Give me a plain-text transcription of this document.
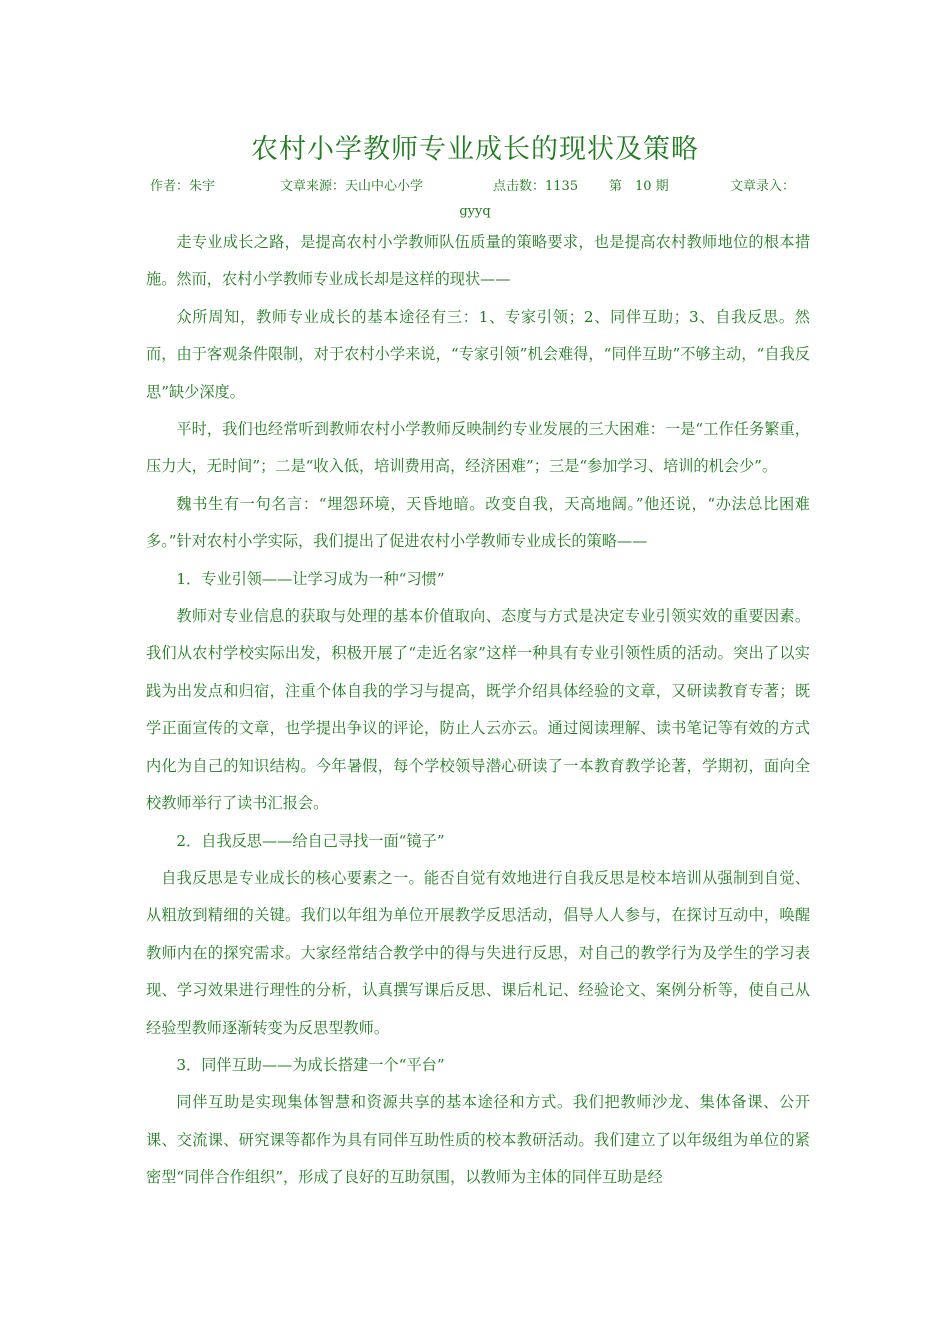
农村小学教师专业成长的现状及策略
作者：朱宇	文章来源：天山中心小学	点击数：1135 第　10 期	文章录入：
gyyq

走专业成长之路，是提高农村小学教师队伍质量的策略要求，也是提高农村教师地位的根本措施。然而，农村小学教师专业成长却是这样的现状——

众所周知，教师专业成长的基本途径有三：1、专家引领；2、同伴互助；3、自我反思。然而，由于客观条件限制，对于农村小学来说，“专家引领”机会难得，“同伴互助”不够主动，“自我反思”缺少深度。

平时，我们也经常听到教师农村小学教师反映制约专业发展的三大困难：一是“工作任务繁重，压力大，无时间”；二是“收入低，培训费用高，经济困难”；三是“参加学习、培训的机会少”。

魏书生有一句名言：“埋怨环境，天昏地暗。改变自我，天高地阔。”他还说，“办法总比困难多。”针对农村小学实际，我们提出了促进农村小学教师专业成长的策略——

1．专业引领——让学习成为一种“习惯”

教师对专业信息的获取与处理的基本价值取向、态度与方式是决定专业引领实效的重要因素。我们从农村学校实际出发，积极开展了“走近名家”这样一种具有专业引领性质的活动。突出了以实践为出发点和归宿，注重个体自我的学习与提高，既学介绍具体经验的文章，又研读教育专著；既学正面宣传的文章，也学提出争议的评论，防止人云亦云。通过阅读理解、读书笔记等有效的方式内化为自己的知识结构。今年暑假，每个学校领导潜心研读了一本教育教学论著，学期初，面向全校教师举行了读书汇报会。

2．自我反思——给自己寻找一面“镜子”

自我反思是专业成长的核心要素之一。能否自觉有效地进行自我反思是校本培训从强制到自觉、从粗放到精细的关键。我们以年组为单位开展教学反思活动，倡导人人参与，在探讨互动中，唤醒教师内在的探究需求。大家经常结合教学中的得与失进行反思，对自己的教学行为及学生的学习表现、学习效果进行理性的分析，认真撰写课后反思、课后札记、经验论文、案例分析等，使自己从经验型教师逐渐转变为反思型教师。

3．同伴互助——为成长搭建一个“平台”

同伴互助是实现集体智慧和资源共享的基本途径和方式。我们把教师沙龙、集体备课、公开课、交流课、研究课等都作为具有同伴互助性质的校本教研活动。我们建立了以年级组为单位的紧密型“同伴合作组织”，形成了良好的互助氛围，以教师为主体的同伴互助是经
